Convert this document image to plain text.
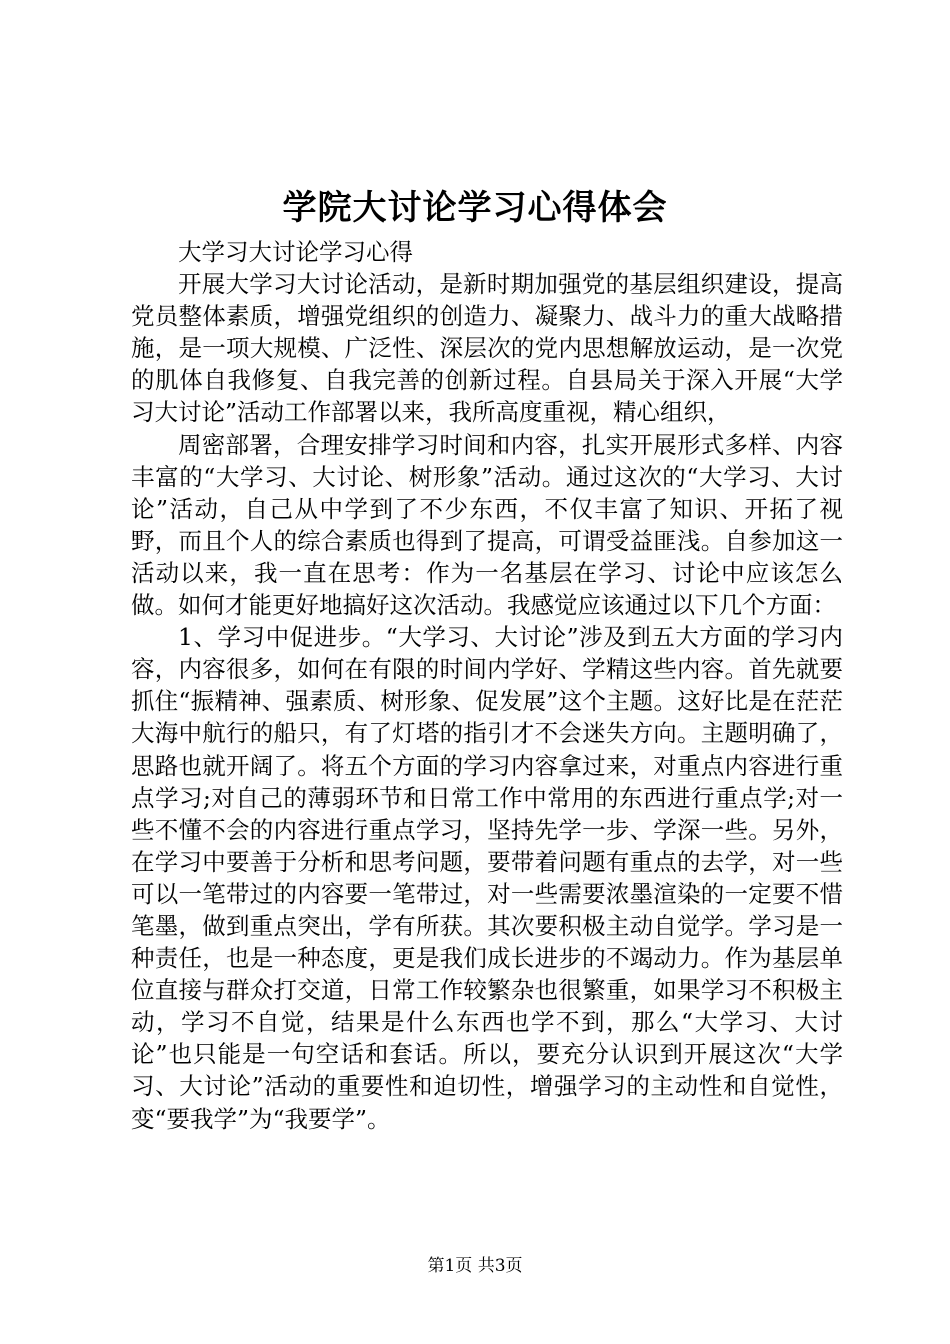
学院大讨论学习心得体会

大学习大讨论学习心得

开展大学习大讨论活动，是新时期加强党的基层组织建设，提高党员整体素质，增强党组织的创造力、凝聚力、战斗力的重大战略措施，是一项大规模、广泛性、深层次的党内思想解放运动，是一次党的肌体自我修复、自我完善的创新过程。自县局关于深入开展“大学习大讨论”活动工作部署以来，我所高度重视，精心组织，

周密部署，合理安排学习时间和内容，扎实开展形式多样、内容丰富的“大学习、大讨论、树形象”活动。通过这次的“大学习、大讨论”活动，自己从中学到了不少东西，不仅丰富了知识、开拓了视野，而且个人的综合素质也得到了提高，可谓受益匪浅。自参加这一活动以来，我一直在思考：作为一名基层在学习、讨论中应该怎么做。如何才能更好地搞好这次活动。我感觉应该通过以下几个方面：

1、学习中促进步。“大学习、大讨论”涉及到五大方面的学习内容，内容很多，如何在有限的时间内学好、学精这些内容。首先就要抓住“振精神、强素质、树形象、促发展”这个主题。这好比是在茫茫大海中航行的船只，有了灯塔的指引才不会迷失方向。主题明确了，思路也就开阔了。将五个方面的学习内容拿过来，对重点内容进行重点学习;对自己的薄弱环节和日常工作中常用的东西进行重点学;对一些不懂不会的内容进行重点学习，坚持先学一步、学深一些。另外，在学习中要善于分析和思考问题，要带着问题有重点的去学，对一些可以一笔带过的内容要一笔带过，对一些需要浓墨渲染的一定要不惜笔墨，做到重点突出，学有所获。其次要积极主动自觉学。学习是一种责任，也是一种态度，更是我们成长进步的不竭动力。作为基层单位直接与群众打交道，日常工作较繁杂也很繁重，如果学习不积极主动，学习不自觉，结果是什么东西也学不到，那么“大学习、大讨论”也只能是一句空话和套话。所以，要充分认识到开展这次“大学习、大讨论”活动的重要性和迫切性，增强学习的主动性和自觉性，变“要我学”为“我要学”。

第1页 共3页
